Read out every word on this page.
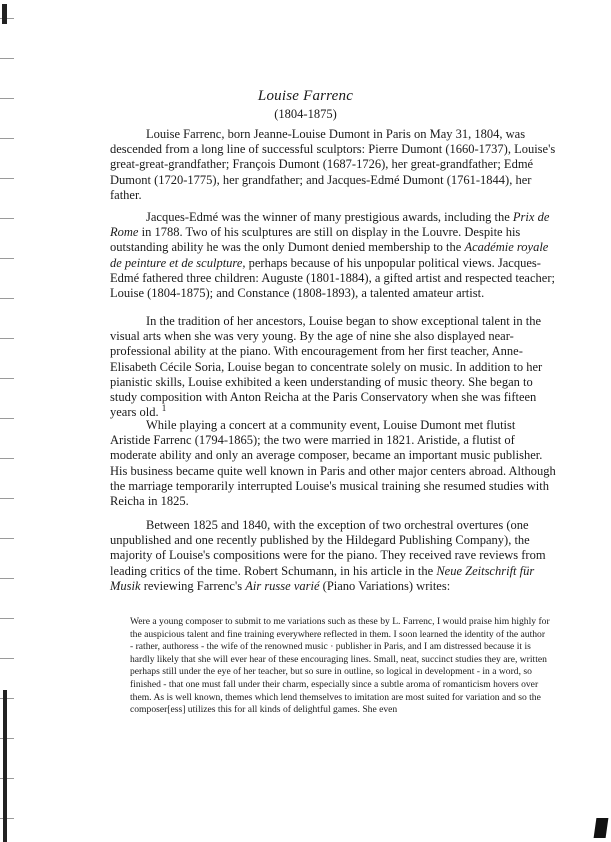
Louise Farrenc
(1804-1875)
Louise Farrenc, born Jeanne-Louise Dumont in Paris on May 31, 1804, was descended from a long line of successful sculptors: Pierre Dumont (1660-1737), Louise's great-great-grandfather; François Dumont (1687-1726), her great-grandfather; Edmé Dumont (1720-1775), her grandfather; and Jacques-Edmé Dumont (1761-1844), her father.
Jacques-Edmé was the winner of many prestigious awards, including the Prix de Rome in 1788. Two of his sculptures are still on display in the Louvre. Despite his outstanding ability he was the only Dumont denied membership to the Académie royale de peinture et de sculpture, perhaps because of his unpopular political views. Jacques-Edmé fathered three children: Auguste (1801-1884), a gifted artist and respected teacher; Louise (1804-1875); and Constance (1808-1893), a talented amateur artist.
In the tradition of her ancestors, Louise began to show exceptional talent in the visual arts when she was very young. By the age of nine she also displayed near-professional ability at the piano. With encouragement from her first teacher, Anne-Elisabeth Cécile Soria, Louise began to concentrate solely on music. In addition to her pianistic skills, Louise exhibited a keen understanding of music theory. She began to study composition with Anton Reicha at the Paris Conservatory when she was fifteen years old. $^1$
While playing a concert at a community event, Louise Dumont met flutist Aristide Farrenc (1794-1865); the two were married in 1821. Aristide, a flutist of moderate ability and only an average composer, became an important music publisher. His business became quite well known in Paris and other major centers abroad. Although the marriage temporarily interrupted Louise's musical training she resumed studies with Reicha in 1825.
Between 1825 and 1840, with the exception of two orchestral overtures (one unpublished and one recently published by the Hildegard Publishing Company), the majority of Louise's compositions were for the piano. They received rave reviews from leading critics of the time. Robert Schumann, in his article in the Neue Zeitschrift für Musik reviewing Farrenc's Air russe varié (Piano Variations) writes:
Were a young composer to submit to me variations such as these by L. Farrenc, I would praise him highly for the auspicious talent and fine training everywhere reflected in them. I soon learned the identity of the author - rather, authoress - the wife of the renowned music · publisher in Paris, and I am distressed because it is hardly likely that she will ever hear of these encouraging lines. Small, neat, succinct studies they are, written perhaps still under the eye of her teacher, but so sure in outline, so logical in development - in a word, so finished - that one must fall under their charm, especially since a subtle aroma of romanticism hovers over them. As is well known, themes which lend themselves to imitation are most suited for variation and so the composer[ess] utilizes this for all kinds of delightful games. She even
